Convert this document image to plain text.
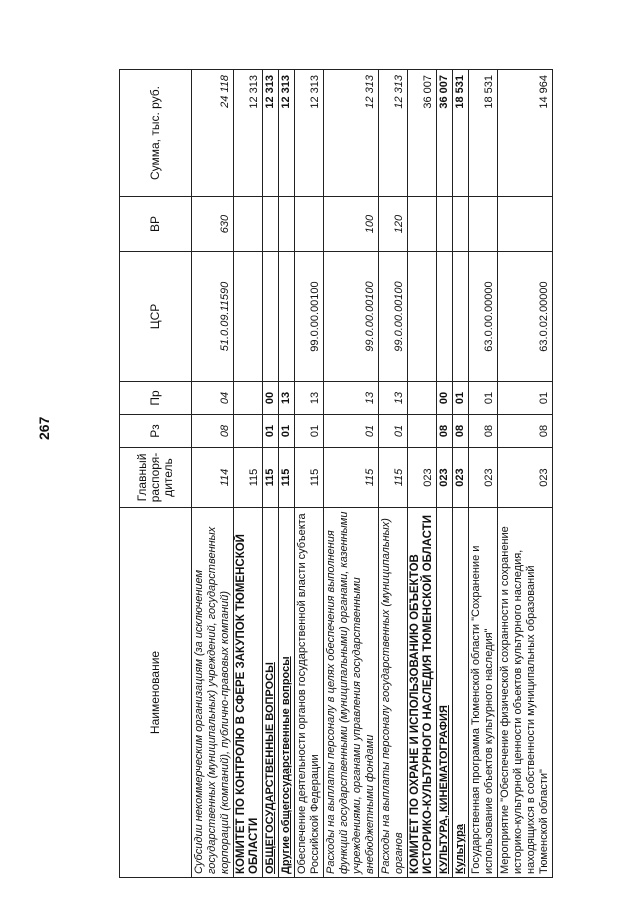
267
Наименование	Главный распоря-дитель	Рз	Пр	ЦСР	ВР	Сумма, тыс. руб.
Субсидии некоммерческим организациям (за исключением государственных (муниципальных) учреждений, государственных корпораций (компаний), публично-правовых компаний)	114	08	04	51.0.09.11590	630	24 118
КОМИТЕТ ПО КОНТРОЛЮ В СФЕРЕ ЗАКУПОК ТЮМЕНСКОЙ ОБЛАСТИ	115					12 313
ОБЩЕГОСУДАРСТВЕННЫЕ ВОПРОСЫ	115	01	00			12 313
Другие общегосударственные вопросы	115	01	13			12 313
Обеспечение деятельности органов государственной власти субъекта Российской Федерации	115	01	13	99.0.00.00100		12 313
Расходы на выплаты персоналу в целях обеспечения выполнения функций государственными (муниципальными) органами, казенными учреждениями, органами управления государственными внебюджетными фондами	115	01	13	99.0.00.00100	100	12 313
Расходы на выплаты персоналу государственных (муниципальных) органов	115	01	13	99.0.00.00100	120	12 313
КОМИТЕТ ПО ОХРАНЕ И ИСПОЛЬЗОВАНИЮ ОБЪЕКТОВ ИСТОРИКО-КУЛЬТУРНОГО НАСЛЕДИЯ ТЮМЕНСКОЙ ОБЛАСТИ	023					36 007
КУЛЬТУРА, КИНЕМАТОГРАФИЯ	023	08	00			36 007
Культура	023	08	01			18 531
Государственная программа Тюменской области "Сохранение и использование объектов культурного наследия"	023	08	01	63.0.00.00000		18 531
Мероприятие "Обеспечение физической сохранности и сохранение историко-культурной ценности объектов культурного наследия, находящихся в собственности муниципальных образований Тюменской области"	023	08	01	63.0.02.00000		14 964
